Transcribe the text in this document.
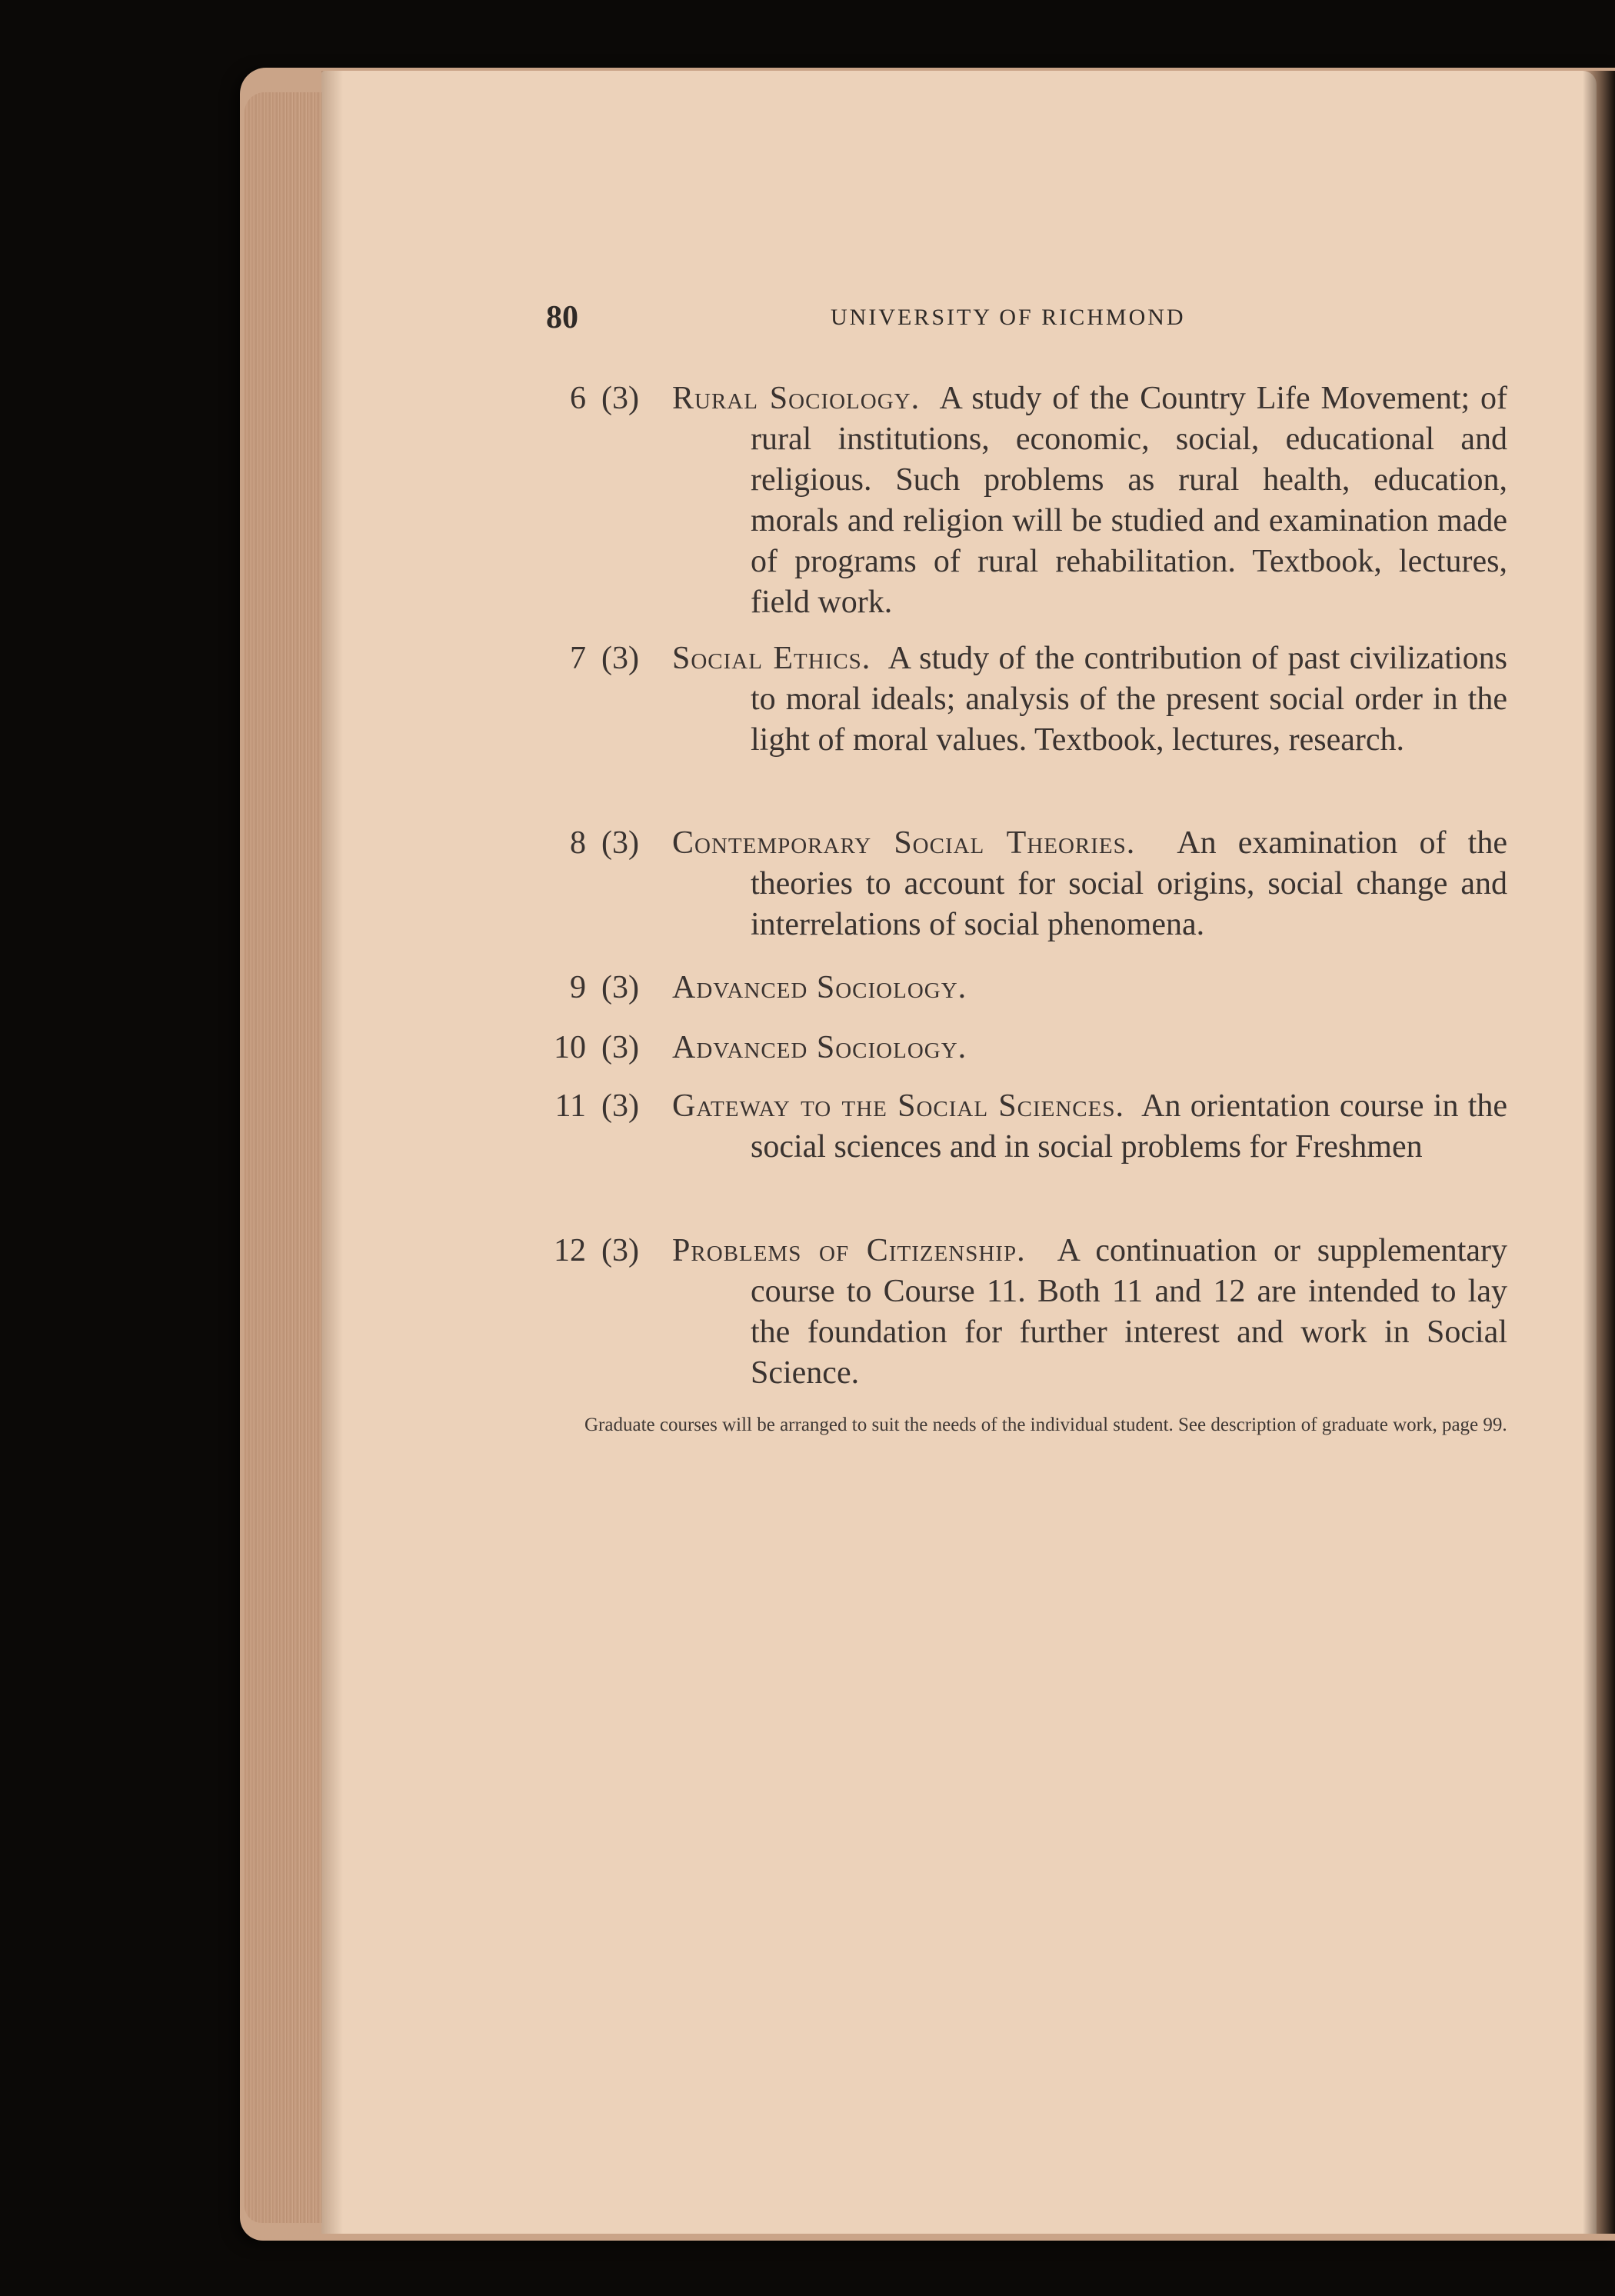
80	UNIVERSITY OF RICHMOND
6 (3) Rural Sociology. A study of the Country Life Movement; of rural institutions, economic, social, educational and religious. Such problems as rural health, education, morals and religion will be studied and examination made of programs of rural rehabilitation. Textbook, lectures, field work.
7 (3) Social Ethics. A study of the contribution of past civilizations to moral ideals; analysis of the present social order in the light of moral values. Textbook, lectures, research.
8 (3) Contemporary Social Theories. An examination of the theories to account for social origins, social change and interrelations of social phenomena.
9 (3) Advanced Sociology.
10 (3) Advanced Sociology.
11 (3) Gateway to the Social Sciences. An orientation course in the social sciences and in social problems for Freshmen
12 (3) Problems of Citizenship. A continuation or supplementary course to Course 11. Both 11 and 12 are intended to lay the foundation for further interest and work in Social Science.
Graduate courses will be arranged to suit the needs of the individual student. See description of graduate work, page 99.
